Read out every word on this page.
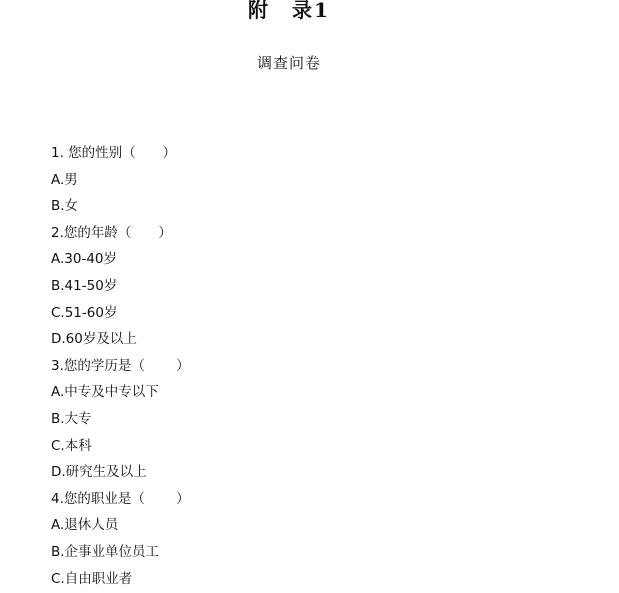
附　录1
调查问卷
1. 您的性别（　　）
A.男
B.女
2.您的年龄（　　）
A.30-40岁
B.41-50岁
C.51-60岁
D.60岁及以上
3.您的学历是（　　 ）
A.中专及中专以下
B.大专
C.本科
D.研究生及以上
4.您的职业是（　　 ）
A.退休人员
B.企事业单位员工
C.自由职业者
